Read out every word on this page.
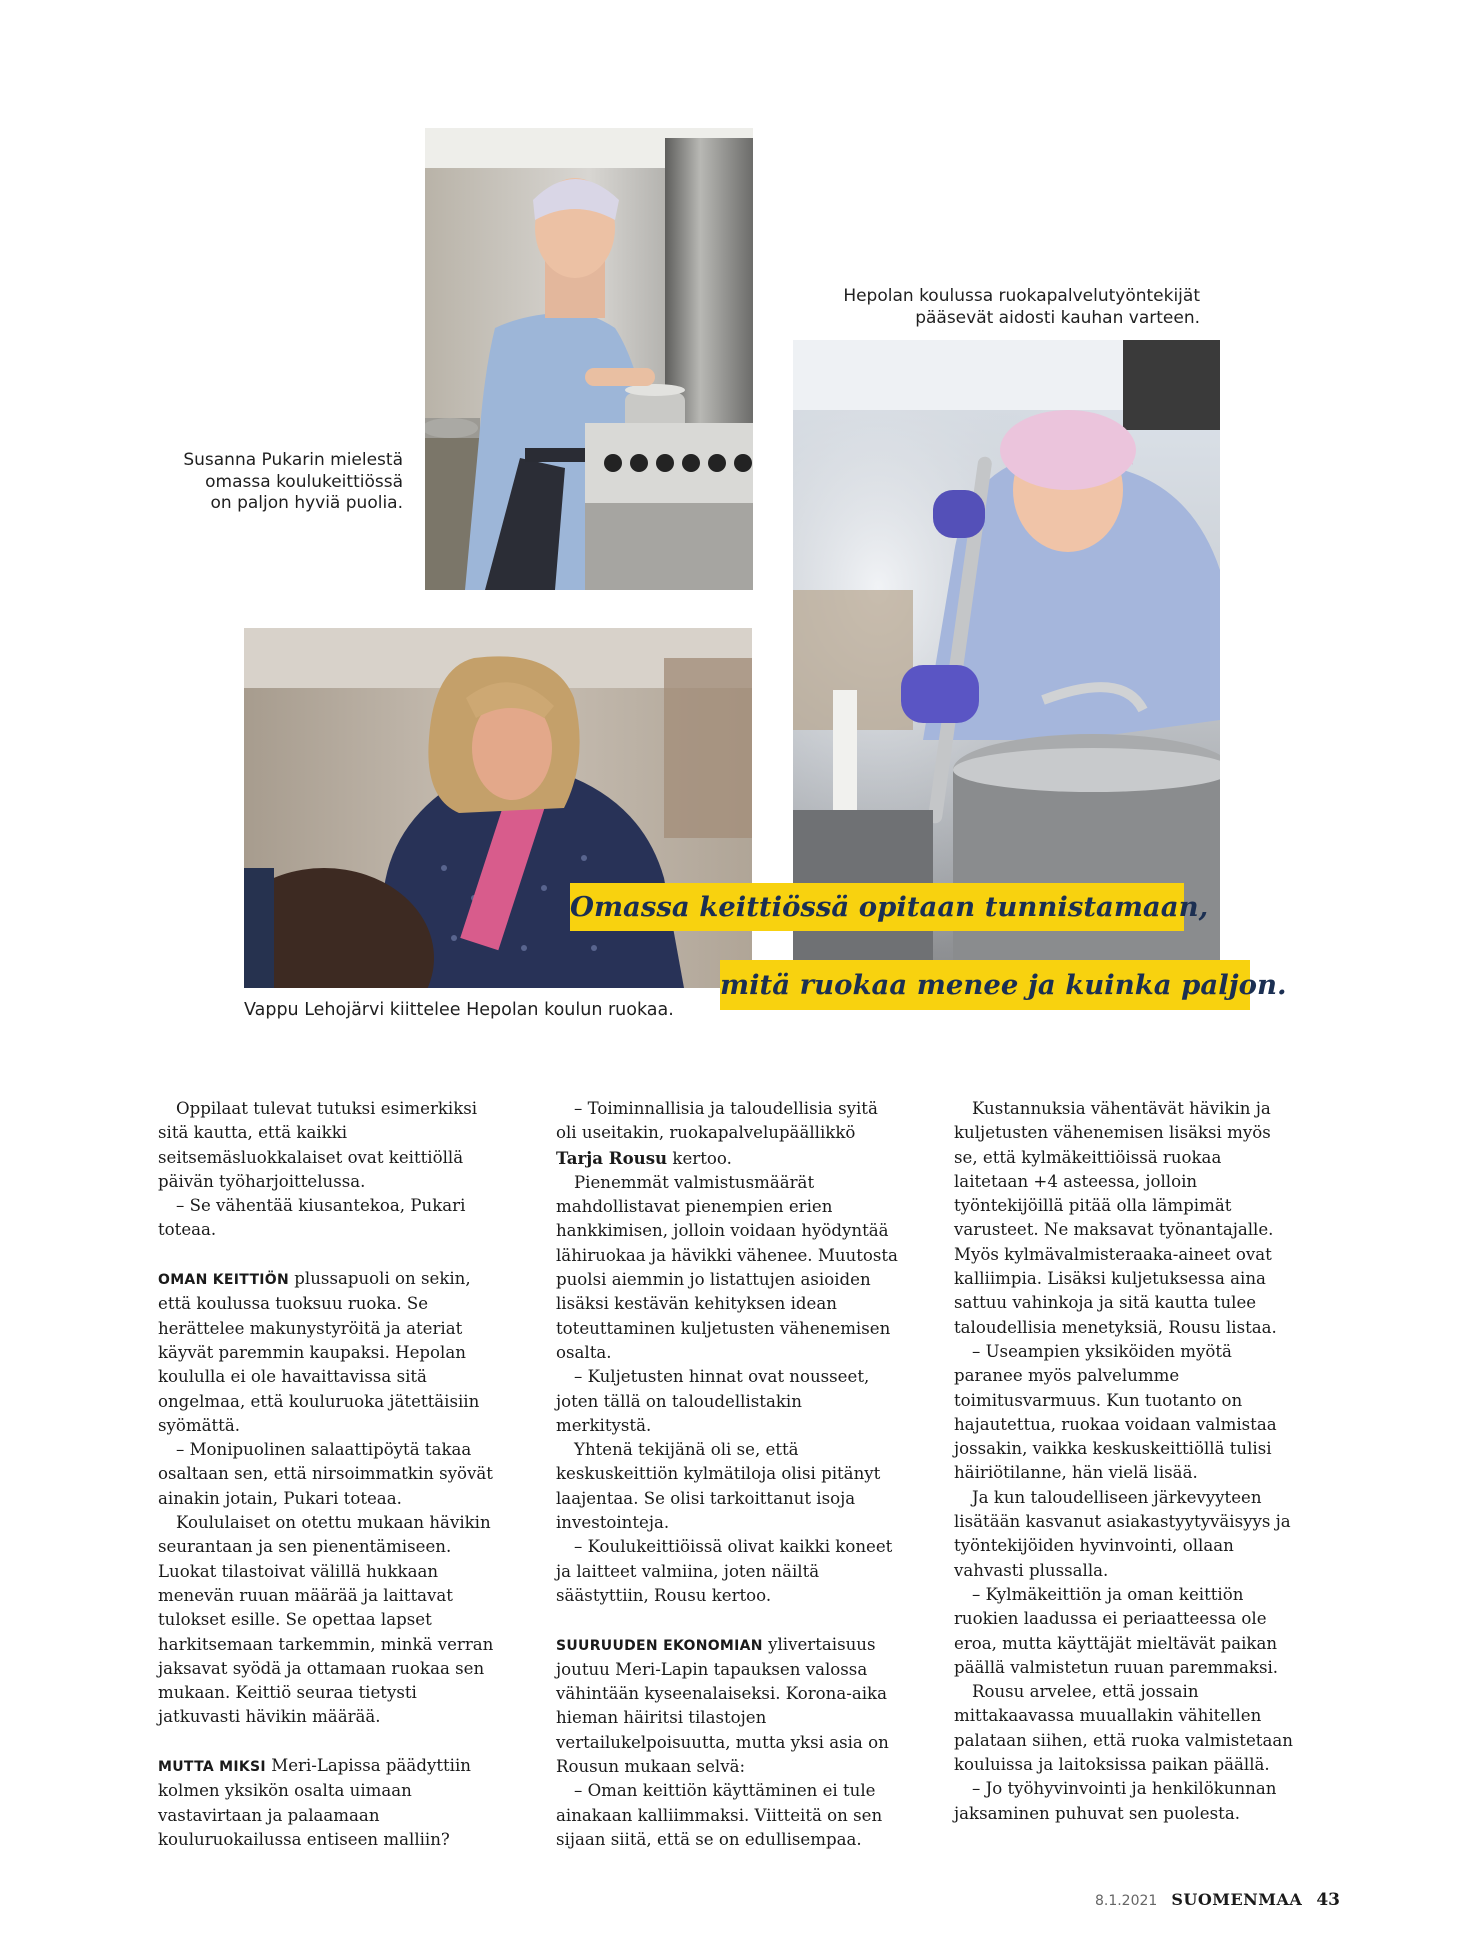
Susanna Pukarin mielestä omassa koulukeittiössä on paljon hyviä puolia.
Hepolan koulussa ruokapalvelutyöntekijät pääsevät aidosti kauhan varteen.
Vappu Lehojärvi kiittelee Hepolan koulun ruokaa.
Omassa keittiössä opitaan tunnistamaan,
mitä ruokaa menee ja kuinka paljon.

Oppilaat tulevat tutuksi esimerkiksi sitä kautta, että kaikki seitsemäsluokkalaiset ovat keittiöllä päivän työharjoittelussa.

– Se vähentää kiusantekoa, Pukari toteaa.

OMAN KEITTIÖN plussapuoli on sekin, että koulussa tuoksuu ruoka. Se herättelee makunystyröitä ja ateriat käyvät paremmin kaupaksi. Hepolan koululla ei ole havaittavissa sitä ongelmaa, että kouluruoka jätettäisiin syömättä.

– Monipuolinen salaattipöytä takaa osaltaan sen, että nirsoimmatkin syövät ainakin jotain, Pukari toteaa.

Koululaiset on otettu mukaan hävikin seurantaan ja sen pienentämiseen. Luokat tilastoivat välillä hukkaan menevän ruuan määrää ja laittavat tulokset esille. Se opettaa lapset harkitsemaan tarkemmin, minkä verran jaksavat syödä ja ottamaan ruokaa sen mukaan. Keittiö seuraa tietysti jatkuvasti hävikin määrää.

MUTTA MIKSI Meri-Lapissa päädyttiin kolmen yksikön osalta uimaan vastavirtaan ja palaamaan kouluruokailussa entiseen malliin?

– Toiminnallisia ja taloudellisia syitä oli useitakin, ruokapalvelupäällikkö Tarja Rousu kertoo.

Pienemmät valmistusmäärät mahdollistavat pienempien erien hankkimisen, jolloin voidaan hyödyntää lähiruokaa ja hävikki vähenee. Muutosta puolsi aiemmin jo listattujen asioiden lisäksi kestävän kehityksen idean toteuttaminen kuljetusten vähenemisen osalta.

– Kuljetusten hinnat ovat nousseet, joten tällä on taloudellistakin merkitystä.

Yhtenä tekijänä oli se, että keskuskeittiön kylmätiloja olisi pitänyt laajentaa. Se olisi tarkoittanut isoja investointeja.

– Koulukeittiöissä olivat kaikki koneet ja laitteet valmiina, joten näiltä säästyttiin, Rousu kertoo.

SUURUUDEN EKONOMIAN ylivertaisuus joutuu Meri-Lapin tapauksen valossa vähintään kyseenalaiseksi. Korona-aika hieman häiritsi tilastojen vertailukelpoisuutta, mutta yksi asia on Rousun mukaan selvä:

– Oman keittiön käyttäminen ei tule ainakaan kalliimmaksi. Viitteitä on sen sijaan siitä, että se on edullisempaa.

Kustannuksia vähentävät hävikin ja kuljetusten vähenemisen lisäksi myös se, että kylmäkeittiöissä ruokaa laitetaan +4 asteessa, jolloin työntekijöillä pitää olla lämpimät varusteet. Ne maksavat työnantajalle. Myös kylmävalmisteraaka-aineet ovat kalliimpia. Lisäksi kuljetuksessa aina sattuu vahinkoja ja sitä kautta tulee taloudellisia menetyksiä, Rousu listaa.

– Useampien yksiköiden myötä paranee myös palvelumme toimitusvarmuus. Kun tuotanto on hajautettua, ruokaa voidaan valmistaa jossakin, vaikka keskuskeittiöllä tulisi häiriötilanne, hän vielä lisää.

Ja kun taloudelliseen järkevyyteen lisätään kasvanut asiakastyytyväisyys ja työntekijöiden hyvinvointi, ollaan vahvasti plussalla.

– Kylmäkeittiön ja oman keittiön ruokien laadussa ei periaatteessa ole eroa, mutta käyttäjät mieltävät paikan päällä valmistetun ruuan paremmaksi.

Rousu arvelee, että jossain mittakaavassa muuallakin vähitellen palataan siihen, että ruoka valmistetaan kouluissa ja laitoksissa paikan päällä.

– Jo työhyvinvointi ja henkilökunnan jaksaminen puhuvat sen puolesta.

8.1.2021 SUOMENMAA 43
